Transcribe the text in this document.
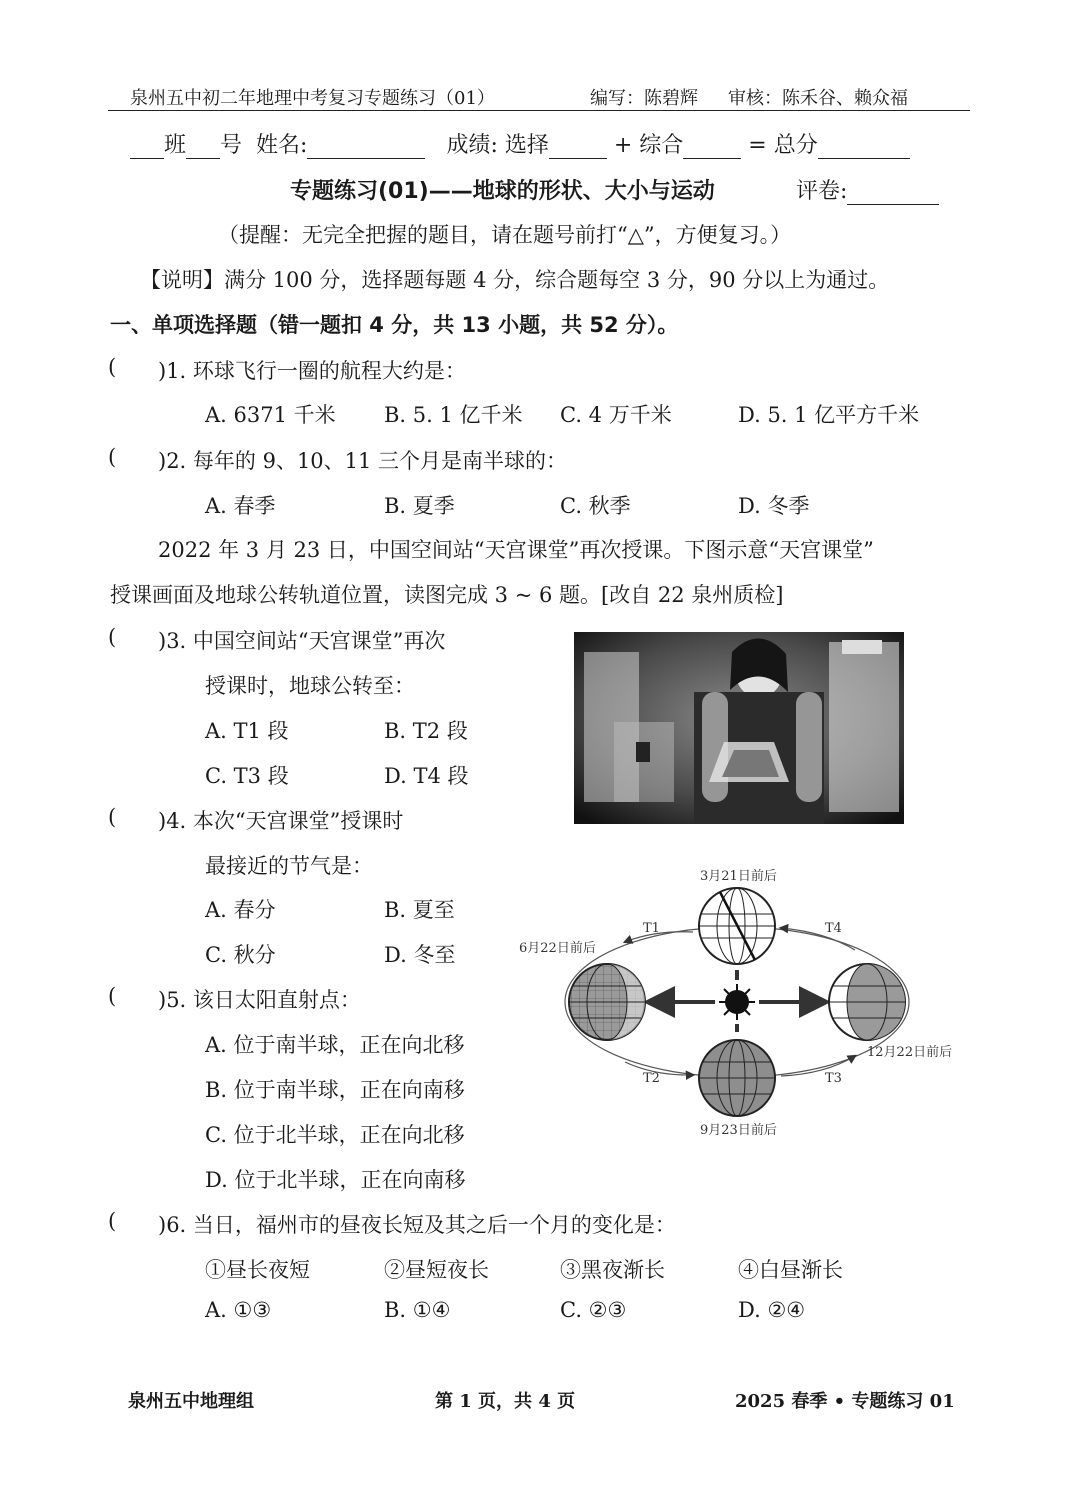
泉州五中初二年地理中考复习专题练习（01）	编写：陈碧辉 审核：陈禾谷、赖众福
班 号 姓名:	成绩: 选择	+ 综合	= 总分
专题练习(01)——地球的形状、大小与运动	评卷:
（提醒：无完全把握的题目，请在题号前打“△”，方便复习。）
【说明】满分 100 分，选择题每题 4 分，综合题每空 3 分，90 分以上为通过。
一、单项选择题（错一题扣 4 分，共 13 小题，共 52 分）。
( )1. 环球飞行一圈的航程大约是：
A. 6371 千米 B. 5. 1 亿千米 C. 4 万千米	D. 5. 1 亿平方千米
( )2. 每年的 9、10、11 三个月是南半球的：
A. 春季	B. 夏季	C. 秋季	D. 冬季
2022 年 3 月 23 日，中国空间站“天宫课堂”再次授课。下图示意“天宫课堂”
授课画面及地球公转轨道位置，读图完成 3 ~ 6 题。[改自 22 泉州质检]
( )3. 中国空间站“天宫课堂”再次
授课时，地球公转至：
A. T1 段	B. T2 段
C. T3 段	D. T4 段
( )4. 本次“天宫课堂”授课时
最接近的节气是：
A. 春分	B. 夏至
C. 秋分	D. 冬至
3月21日前后
6月22日前后
12月22日前后
9月23日前后
T1	T4
T2	T3
( )5. 该日太阳直射点：
A. 位于南半球，正在向北移
B. 位于南半球，正在向南移
C. 位于北半球，正在向北移
D. 位于北半球，正在向南移
( )6. 当日，福州市的昼夜长短及其之后一个月的变化是：
①昼长夜短	②昼短夜长	③黑夜渐长	④白昼渐长
A. ①③	B. ①④	C. ②③	D. ②④
泉州五中地理组	第 1 页，共 4 页	2025 春季 • 专题练习 01
